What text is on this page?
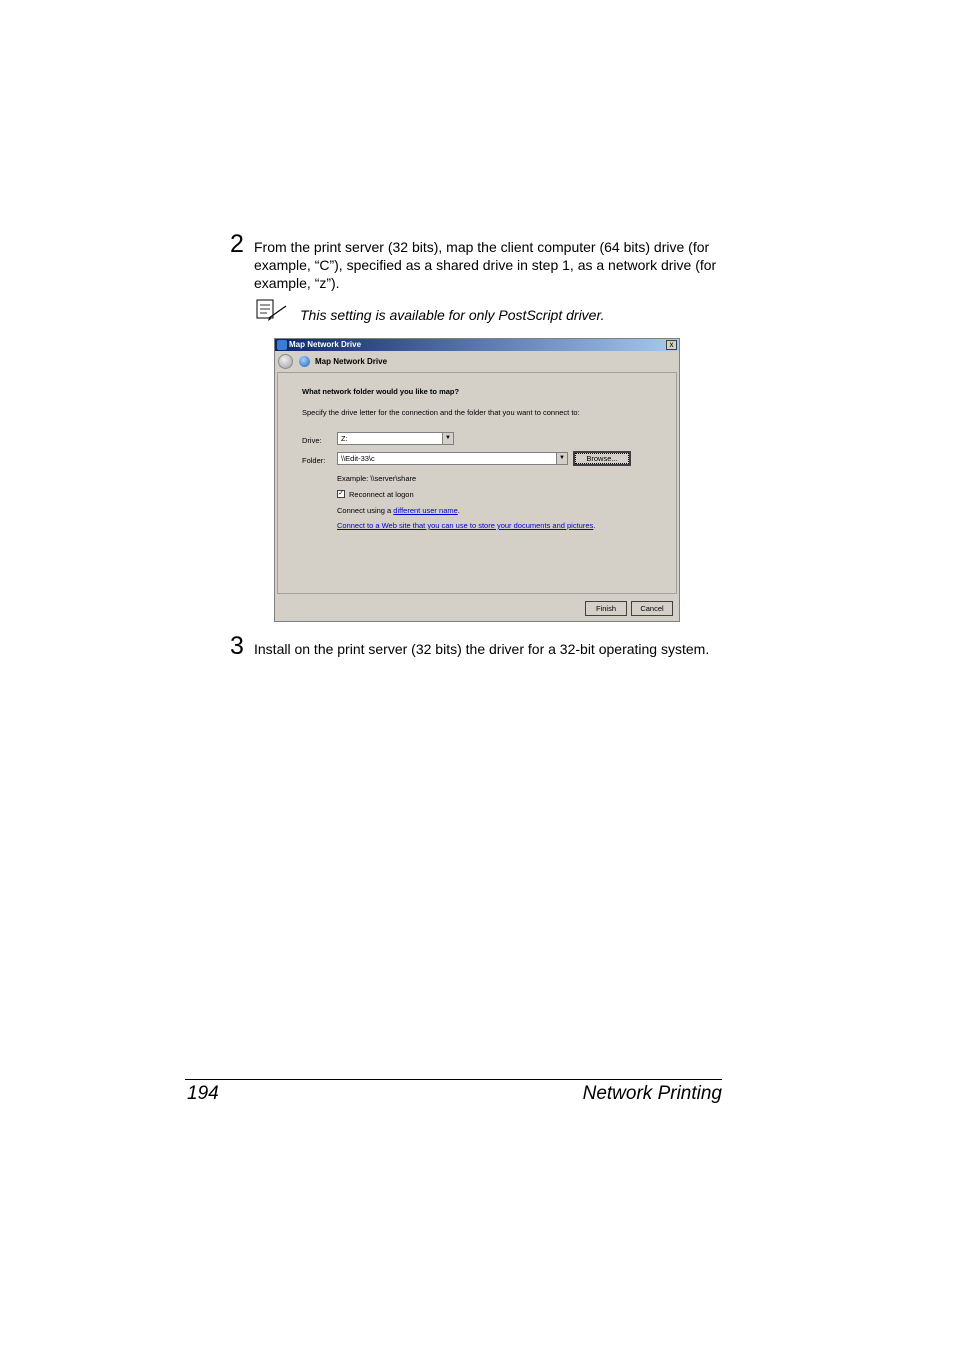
2 From the print server (32 bits), map the client computer (64 bits) drive (for example, “C”), specified as a shared drive in step 1, as a network drive (for example, “z”).
This setting is available for only PostScript driver.
Map Network Drive	x
Map Network Drive
What network folder would you like to map?
Specify the drive letter for the connection and the folder that you want to connect to:
Drive:	Z:	▼
Folder: \\Edit-33\c	▼	Browse...
Example: \\server\share
✓ Reconnect at logon
Connect using a different user name.
Connect to a Web site that you can use to store your documents and pictures.
Finish	Cancel
3 Install on the print server (32 bits) the driver for a 32-bit operating system.
194	Network Printing
